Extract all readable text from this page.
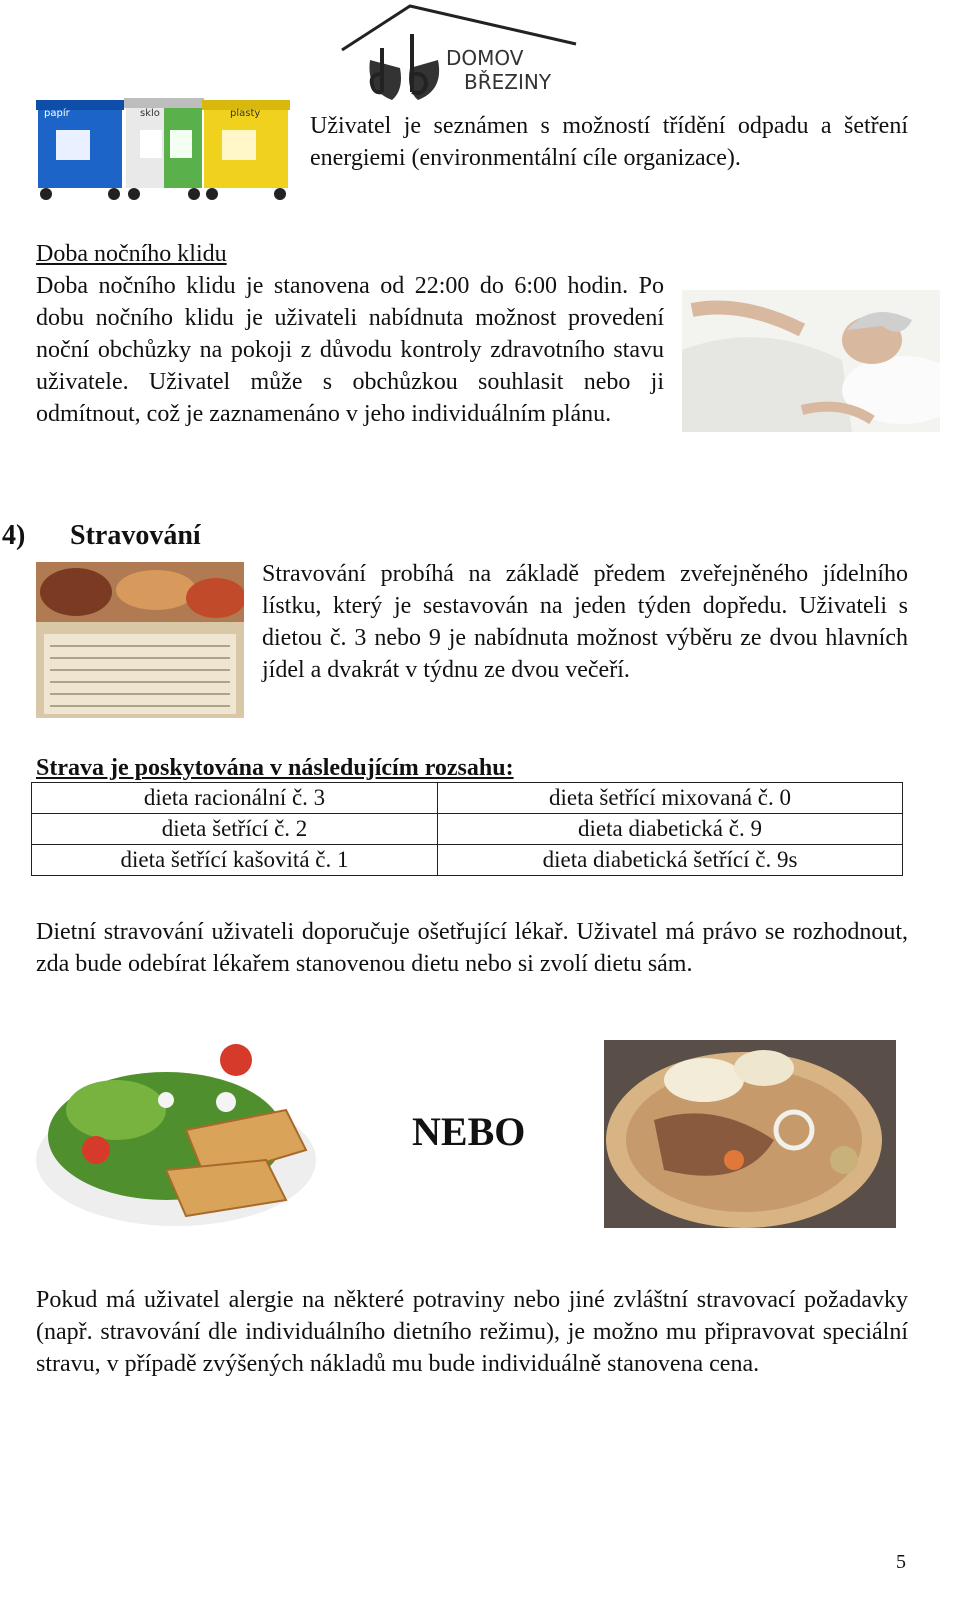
DOMOV
BŘEZINY
papír	sklo	plasty Uživatel je seznámen s možností třídění odpadu a šetření energiemi (environmentální cíle organizace).

Doba nočního klidu

Doba nočního klidu je stanovena od 22:00 do 6:00 hodin. Po dobu nočního klidu je uživateli nabídnuta možnost provedení noční obchůzky na pokoji z důvodu kontroly zdravotního stavu uživatele. Uživatel může s obchůzkou souhlasit nebo ji odmítnout, což je zaznamenáno v jeho individuálním plánu.

4) Stravování

Stravování probíhá na základě předem zveřejněného jídelního lístku, který je sestavován na jeden týden dopředu. Uživateli s dietou č. 3 nebo 9 je nabídnuta možnost výběru ze dvou hlavních jídel a dvakrát v týdnu ze dvou večeří.

Strava je poskytována v následujícím rozsahu:
dieta racionální č. 3	dieta šetřící mixovaná č. 0
dieta šetřící č. 2	dieta diabetická č. 9
dieta šetřící kašovitá č. 1	dieta diabetická šetřící č. 9s

Dietní stravování uživateli doporučuje ošetřující lékař. Uživatel má právo se rozhodnout, zda bude odebírat lékařem stanovenou dietu nebo si zvolí dietu sám.

NEBO

Pokud má uživatel alergie na některé potraviny nebo jiné zvláštní stravovací požadavky (např. stravování dle individuálního dietního režimu), je možno mu připravovat speciální stravu, v případě zvýšených nákladů mu bude individuálně stanovena cena.

5
